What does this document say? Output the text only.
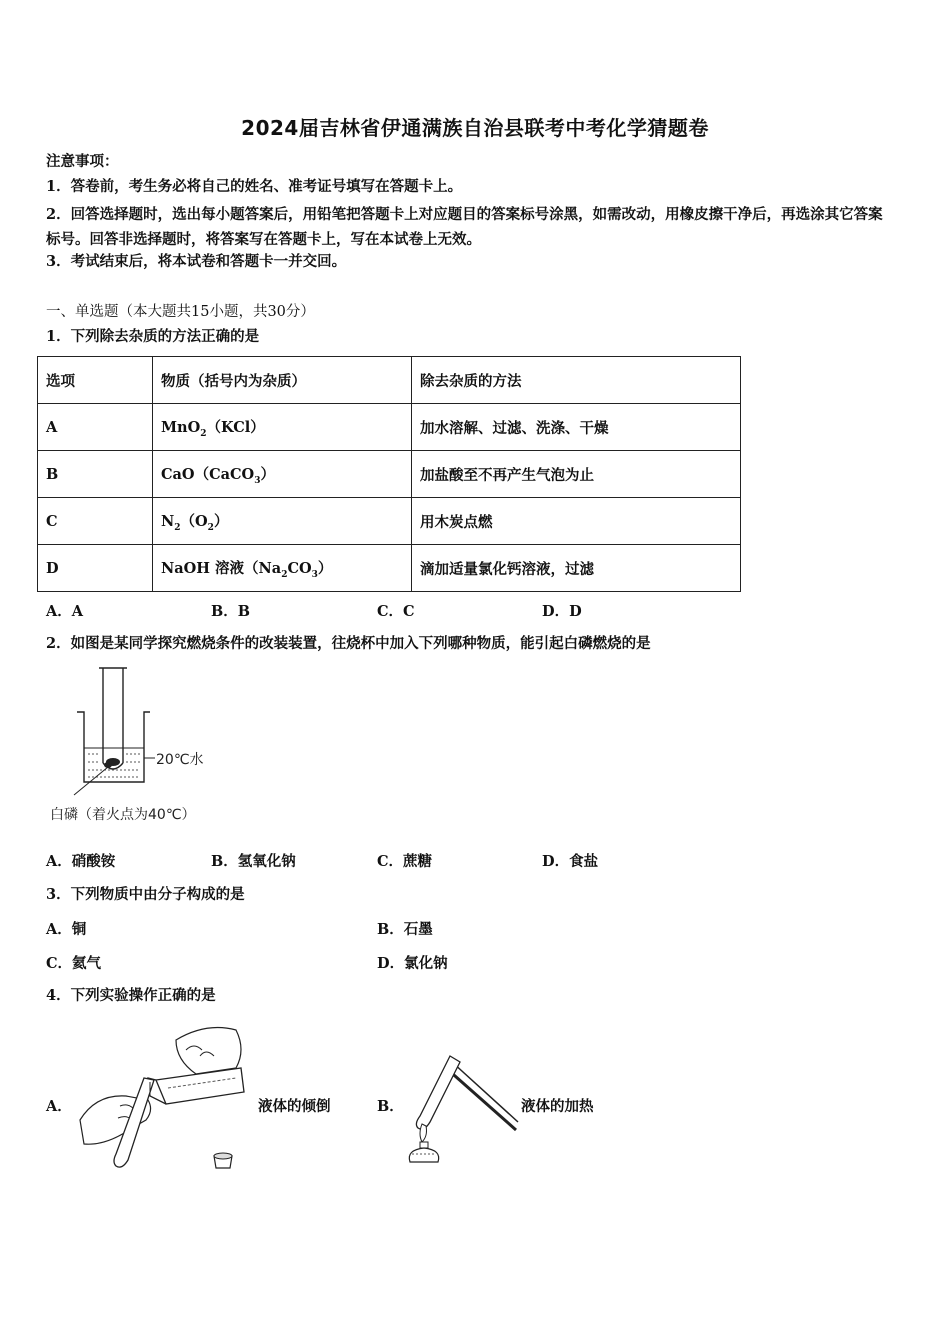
2024届吉林省伊通满族自治县联考中考化学猜题卷
注意事项：
1．答卷前，考生务必将自己的姓名、准考证号填写在答题卡上。
2．回答选择题时，选出每小题答案后，用铅笔把答题卡上对应题目的答案标号涂黑，如需改动，用橡皮擦干净后，再选涂其它答案标号。回答非选择题时，将答案写在答题卡上，写在本试卷上无效。
3．考试结束后，将本试卷和答题卡一并交回。
一、单选题（本大题共15小题，共30分）
1．下列除去杂质的方法正确的是
选项	物质（括号内为杂质）	除去杂质的方法
A	MnO$_2$（KCl）	加水溶解、过滤、洗涤、干燥
B	CaO（CaCO$_3$）	加盐酸至不再产生气泡为止
C	$N_2(O_2)$	用木炭点燃
D	NaOH 溶液$(Na_2CO_3)$	滴加适量氯化钙溶液，过滤
A．A	B．B	C．C	D．D
2．如图是某同学探究燃烧条件的改装装置，往烧杯中加入下列哪种物质，能引起白磷燃烧的是
20℃水
白磷（着火点为40℃）
A．硝酸铵	B．氢氧化钠	C．蔗糖	D．食盐
3．下列物质中由分子构成的是
A．铜	B．石墨
C．氦气	D．氯化钠
4．下列实验操作正确的是
A．	液体的倾倒	B．	液体的加热
